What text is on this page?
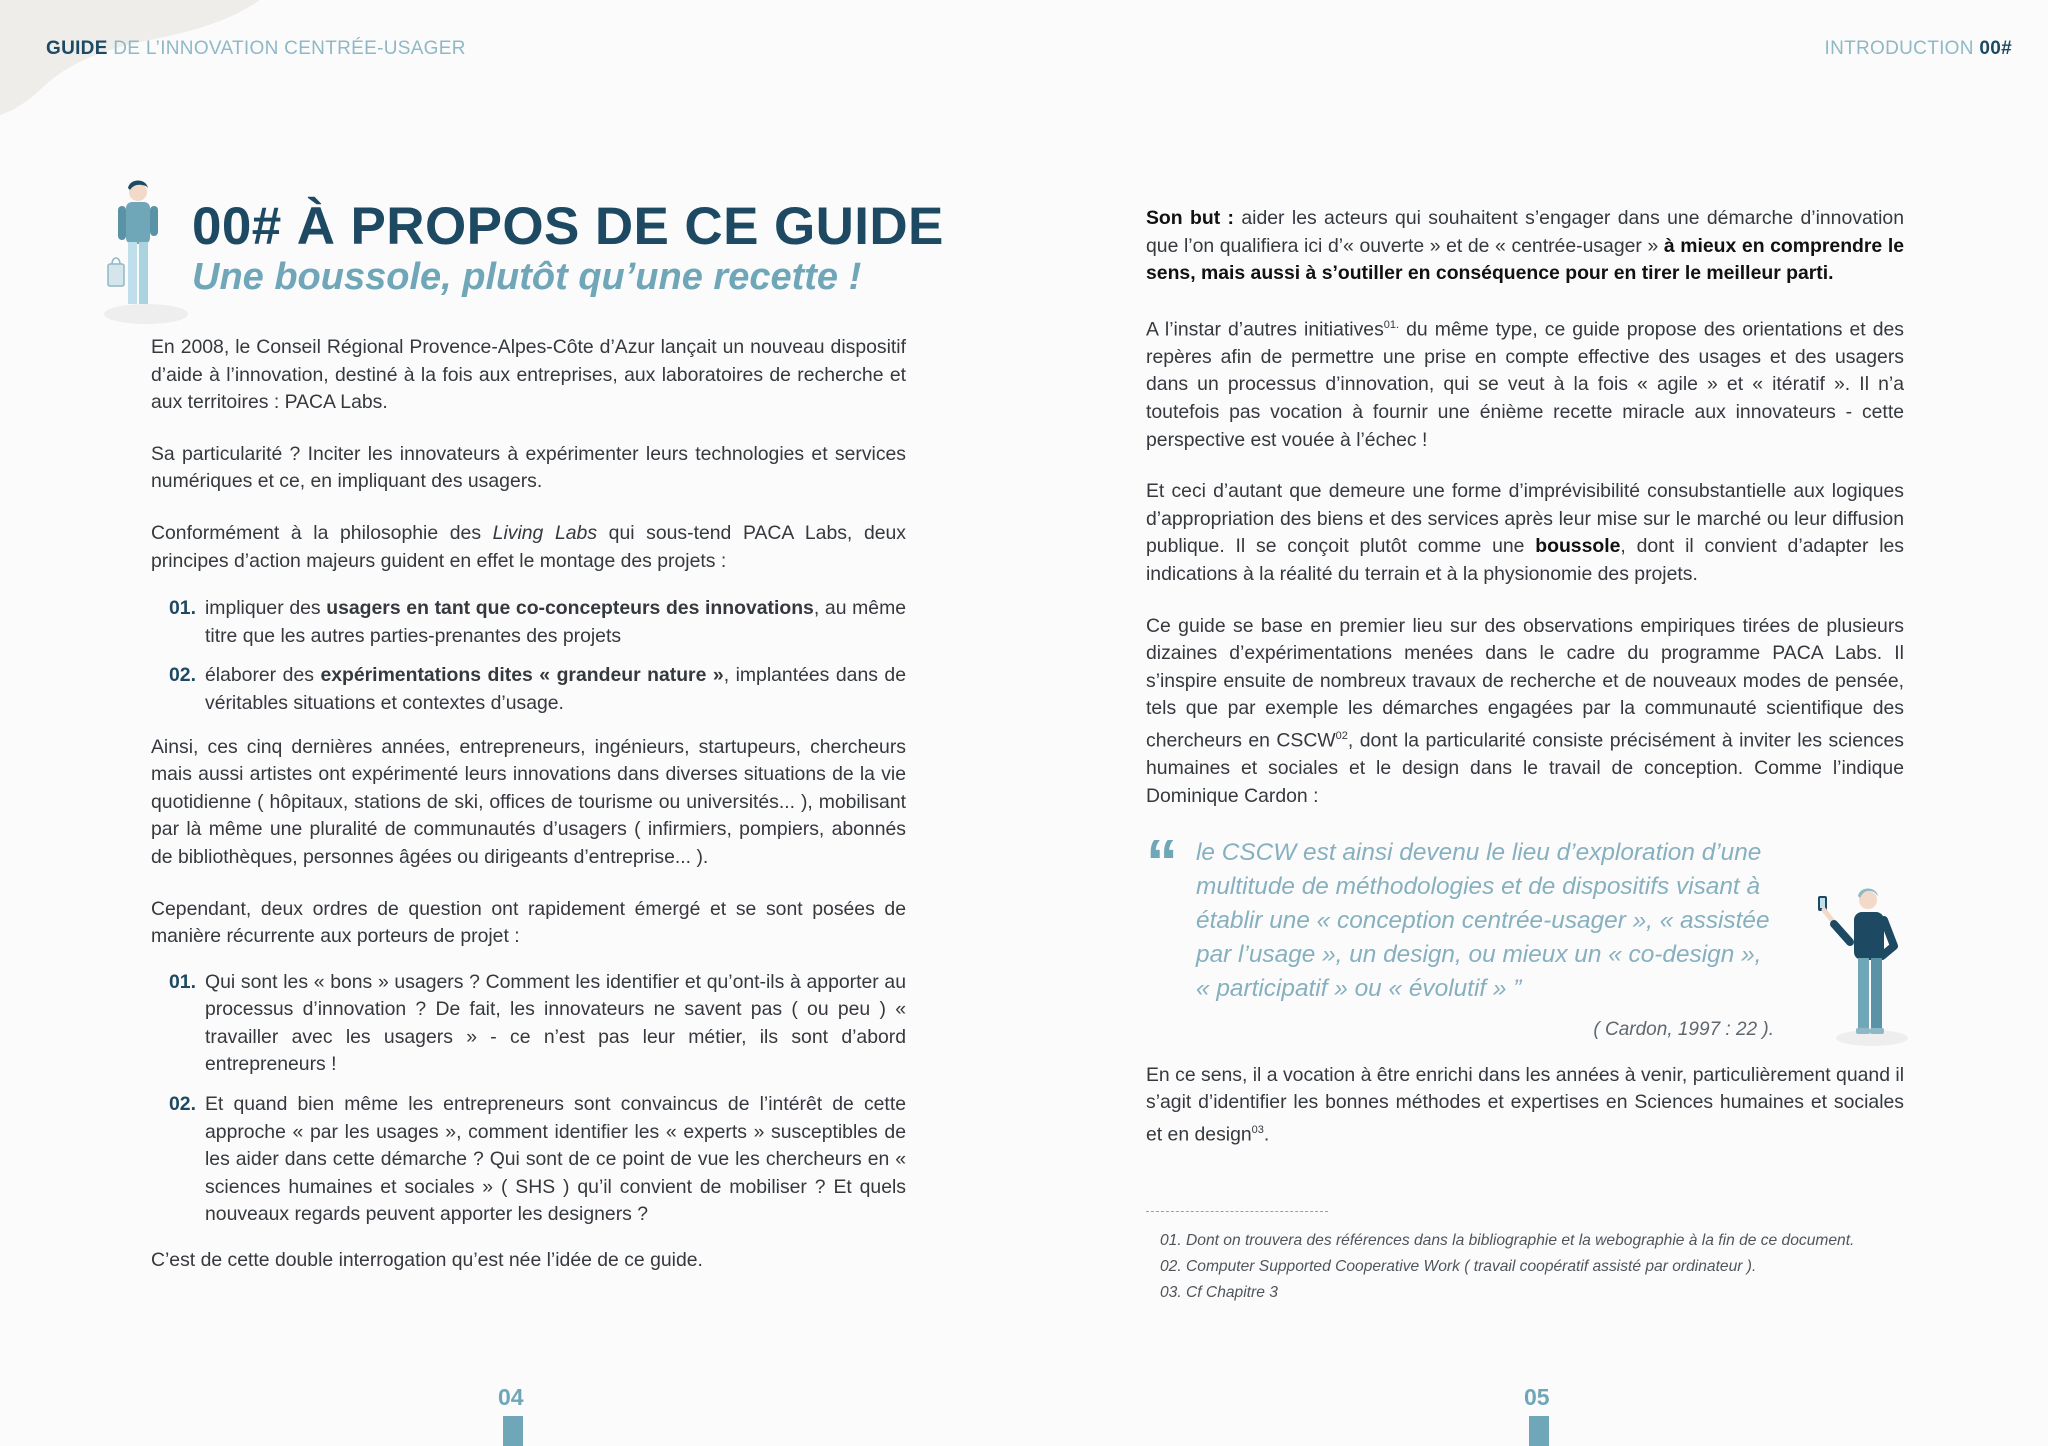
GUIDE DE L’INNOVATION CENTRÉE-USAGER	INTRODUCTION 00#
00# À PROPOS DE CE GUIDE
Une boussole, plutôt qu’une recette !

En 2008, le Conseil Régional Provence-Alpes-Côte d’Azur lançait un nouveau dispositif d’aide à l’innovation, destiné à la fois aux entreprises, aux laboratoires de recherche et aux territoires : PACA Labs.

Sa particularité ? Inciter les innovateurs à expérimenter leurs technologies et services numériques et ce, en impliquant des usagers.

Conformément à la philosophie des Living Labs qui sous-tend PACA Labs, deux principes d’action majeurs guident en effet le montage des projets :

01. impliquer des usagers en tant que co-concepteurs des innovations, au même titre que les autres parties-prenantes des projets
02. élaborer des expérimentations dites « grandeur nature », implantées dans de véritables situations et contextes d’usage.

Ainsi, ces cinq dernières années, entrepreneurs, ingénieurs, startupeurs, chercheurs mais aussi artistes ont expérimenté leurs innovations dans diverses situations de la vie quotidienne ( hôpitaux, stations de ski, offices de tourisme ou universités... ), mobilisant par là même une pluralité de communautés d’usagers ( infirmiers, pompiers, abonnés de bibliothèques, personnes âgées ou dirigeants d’entreprise... ).

Cependant, deux ordres de question ont rapidement émergé et se sont posées de manière récurrente aux porteurs de projet :

01. Qui sont les « bons » usagers ? Comment les identifier et qu’ont-ils à apporter au processus d’innovation ? De fait, les innovateurs ne savent pas ( ou peu ) « travailler avec les usagers » - ce n’est pas leur métier, ils sont d’abord entrepreneurs !
02. Et quand bien même les entrepreneurs sont convaincus de l’intérêt de cette approche « par les usages », comment identifier les « experts » susceptibles de les aider dans cette démarche ? Qui sont de ce point de vue les chercheurs en « sciences humaines et sociales » ( SHS ) qu’il convient de mobiliser ? Et quels nouveaux regards peuvent apporter les designers ?

C’est de cette double interrogation qu’est née l’idée de ce guide.

Son but : aider les acteurs qui souhaitent s’engager dans une démarche d’innovation que l’on qualifiera ici d’« ouverte » et de « centrée-usager » à mieux en comprendre le sens, mais aussi à s’outiller en conséquence pour en tirer le meilleur parti.

A l’instar d’autres initiatives$^{01.}$ du même type, ce guide propose des orientations et des repères afin de permettre une prise en compte effective des usages et des usagers dans un processus d’innovation, qui se veut à la fois « agile » et « itératif ». Il n’a toutefois pas vocation à fournir une énième recette miracle aux innovateurs - cette perspective est vouée à l’échec !

Et ceci d’autant que demeure une forme d’imprévisibilité consubstantielle aux logiques d’appropriation des biens et des services après leur mise sur le marché ou leur diffusion publique. Il se conçoit plutôt comme une boussole, dont il convient d’adapter les indications à la réalité du terrain et à la physionomie des projets.

Ce guide se base en premier lieu sur des observations empiriques tirées de plusieurs dizaines d’expérimentations menées dans le cadre du programme PACA Labs. Il s’inspire ensuite de nombreux travaux de recherche et de nouveaux modes de pensée, tels que par exemple les démarches engagées par la communauté scientifique des chercheurs en CSCW$^{02}$, dont la particularité consiste précisément à inviter les sciences humaines et sociales et le design dans le travail de conception. Comme l’indique Dominique Cardon :

“ le CSCW est ainsi devenu le lieu d’exploration d’une multitude de méthodologies et de dispositifs visant à établir une « conception centrée-usager », « assistée par l’usage », un design, ou mieux un « co-design », « participatif » ou « évolutif » ”
( Cardon, 1997 : 22 ).

En ce sens, il a vocation à être enrichi dans les années à venir, particulièrement quand il s’agit d’identifier les bonnes méthodes et expertises en Sciences humaines et sociales et en design$^{03}$.

01. Dont on trouvera des références dans la bibliographie et la webographie à la fin de ce document.
02. Computer Supported Cooperative Work ( travail coopératif assisté par ordinateur ).
03. Cf Chapitre 3
04	05
